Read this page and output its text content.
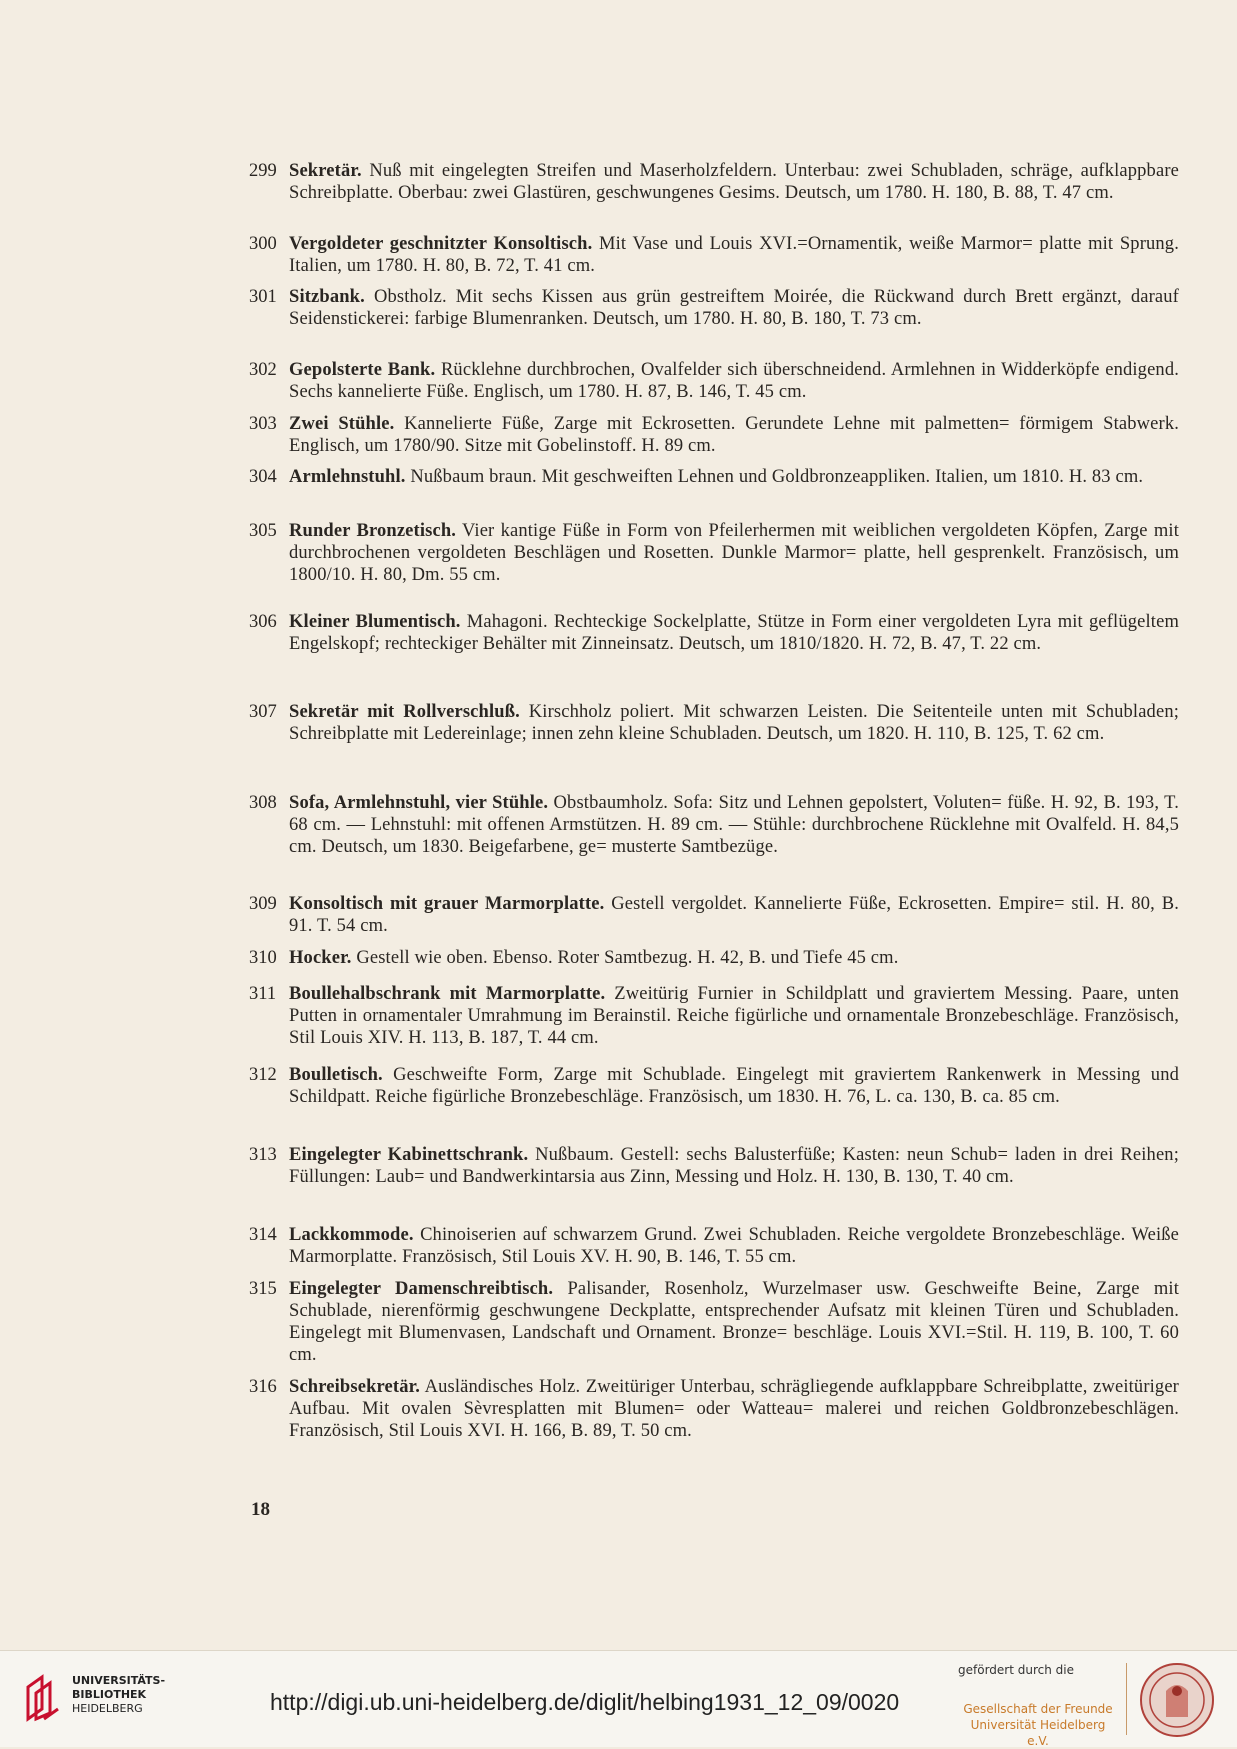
299 Sekretär. Nuß mit eingelegten Streifen und Maserholzfeldern. Unterbau: zwei Schubladen, schräge, aufklappbare Schreibplatte. Oberbau: zwei Glastüren, geschwungenes Gesims. Deutsch, um 1780. H. 180, B. 88, T. 47 cm.
300 Vergoldeter geschnitzter Konsoltisch. Mit Vase und Louis XVI.=Ornamentik, weiße Marmor= platte mit Sprung. Italien, um 1780. H. 80, B. 72, T. 41 cm.
301 Sitzbank. Obstholz. Mit sechs Kissen aus grün gestreiftem Moirée, die Rückwand durch Brett ergänzt, darauf Seidenstickerei: farbige Blumenranken. Deutsch, um 1780. H. 80, B. 180, T. 73 cm.
302 Gepolsterte Bank. Rücklehne durchbrochen, Ovalfelder sich überschneidend. Armlehnen in Widderköpfe endigend. Sechs kannelierte Füße. Englisch, um 1780. H. 87, B. 146, T. 45 cm.
303 Zwei Stühle. Kannelierte Füße, Zarge mit Eckrosetten. Gerundete Lehne mit palmetten= förmigem Stabwerk. Englisch, um 1780/90. Sitze mit Gobelinstoff. H. 89 cm.
304 Armlehnstuhl. Nußbaum braun. Mit geschweiften Lehnen und Goldbronzeappliken. Italien, um 1810. H. 83 cm.
305 Runder Bronzetisch. Vier kantige Füße in Form von Pfeilerhermen mit weiblichen vergoldeten Köpfen, Zarge mit durchbrochenen vergoldeten Beschlägen und Rosetten. Dunkle Marmor= platte, hell gesprenkelt. Französisch, um 1800/10. H. 80, Dm. 55 cm.
306 Kleiner Blumentisch. Mahagoni. Rechteckige Sockelplatte, Stütze in Form einer vergoldeten Lyra mit geflügeltem Engelskopf; rechteckiger Behälter mit Zinneinsatz. Deutsch, um 1810/1820. H. 72, B. 47, T. 22 cm.
307 Sekretär mit Rollverschluß. Kirschholz poliert. Mit schwarzen Leisten. Die Seitenteile unten mit Schubladen; Schreibplatte mit Ledereinlage; innen zehn kleine Schubladen. Deutsch, um 1820. H. 110, B. 125, T. 62 cm.
308 Sofa, Armlehnstuhl, vier Stühle. Obstbaumholz. Sofa: Sitz und Lehnen gepolstert, Voluten= füße. H. 92, B. 193, T. 68 cm. — Lehnstuhl: mit offenen Armstützen. H. 89 cm. — Stühle: durchbrochene Rücklehne mit Ovalfeld. H. 84,5 cm. Deutsch, um 1830. Beigefarbene, ge= musterte Samtbezüge.
309 Konsoltisch mit grauer Marmorplatte. Gestell vergoldet. Kannelierte Füße, Eckrosetten. Empire= stil. H. 80, B. 91. T. 54 cm.
310 Hocker. Gestell wie oben. Ebenso. Roter Samtbezug. H. 42, B. und Tiefe 45 cm.
311 Boullehalbschrank mit Marmorplatte. Zweitürig Furnier in Schildplatt und graviertem Messing. Paare, unten Putten in ornamentaler Umrahmung im Berainstil. Reiche figürliche und ornamentale Bronzebeschläge. Französisch, Stil Louis XIV. H. 113, B. 187, T. 44 cm.
312 Boulletisch. Geschweifte Form, Zarge mit Schublade. Eingelegt mit graviertem Rankenwerk in Messing und Schildpatt. Reiche figürliche Bronzebeschläge. Französisch, um 1830. H. 76, L. ca. 130, B. ca. 85 cm.
313 Eingelegter Kabinettschrank. Nußbaum. Gestell: sechs Balusterfüße; Kasten: neun Schub= laden in drei Reihen; Füllungen: Laub= und Bandwerkintarsia aus Zinn, Messing und Holz. H. 130, B. 130, T. 40 cm.
314 Lackkommode. Chinoiserien auf schwarzem Grund. Zwei Schubladen. Reiche vergoldete Bronzebeschläge. Weiße Marmorplatte. Französisch, Stil Louis XV. H. 90, B. 146, T. 55 cm.
315 Eingelegter Damenschreibtisch. Palisander, Rosenholz, Wurzelmaser usw. Geschweifte Beine, Zarge mit Schublade, nierenförmig geschwungene Deckplatte, entsprechender Aufsatz mit kleinen Türen und Schubladen. Eingelegt mit Blumenvasen, Landschaft und Ornament. Bronze= beschläge. Louis XVI.=Stil. H. 119, B. 100, T. 60 cm.
316 Schreibsekretär. Ausländisches Holz. Zweitüriger Unterbau, schrägliegende aufklappbare Schreibplatte, zweitüriger Aufbau. Mit ovalen Sèvresplatten mit Blumen= oder Watteau= malerei und reichen Goldbronzebeschlägen. Französisch, Stil Louis XVI. H. 166, B. 89, T. 50 cm.
18
UNIVERSITÄTS-
BIBLIOTHEK
HEIDELBERG	http://digi.ub.uni-heidelberg.de/diglit/helbing1931_12_09/0020
gefördert durch die
Gesellschaft der Freunde
Universität Heidelberg e.V.
